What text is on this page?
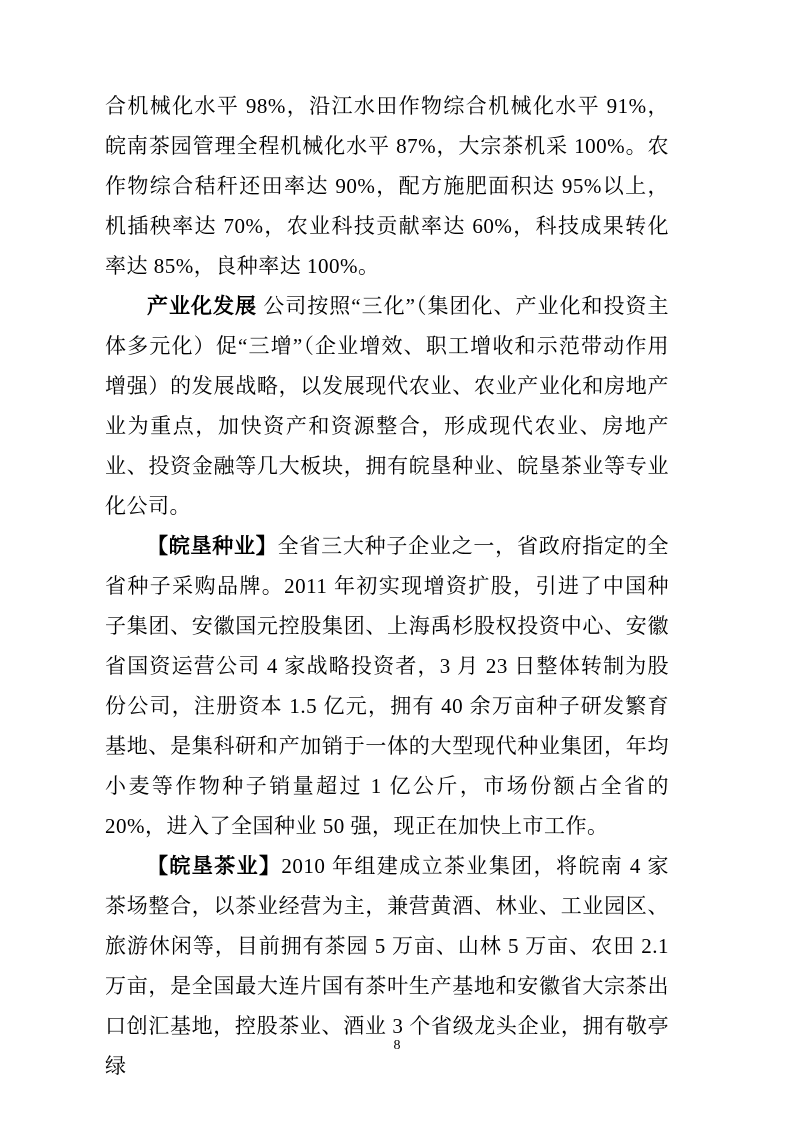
合机械化水平 98%，沿江水田作物综合机械化水平 91%，皖南茶园管理全程机械化水平 87%，大宗茶机采 100%。农作物综合秸秆还田率达 90%，配方施肥面积达 95%以上，机插秧率达 70%，农业科技贡献率达 60%，科技成果转化率达 85%，良种率达 100%。

产业化发展 公司按照“三化”（集团化、产业化和投资主体多元化）促“三增”（企业增效、职工增收和示范带动作用增强）的发展战略，以发展现代农业、农业产业化和房地产业为重点，加快资产和资源整合，形成现代农业、房地产业、投资金融等几大板块，拥有皖垦种业、皖垦茶业等专业化公司。

【皖垦种业】全省三大种子企业之一，省政府指定的全省种子采购品牌。2011 年初实现增资扩股，引进了中国种子集团、安徽国元控股集团、上海禹杉股权投资中心、安徽省国资运营公司 4 家战略投资者，3 月 23 日整体转制为股份公司，注册资本 1.5 亿元，拥有 40 余万亩种子研发繁育基地、是集科研和产加销于一体的大型现代种业集团，年均小麦等作物种子销量超过 1 亿公斤，市场份额占全省的 20%，进入了全国种业 50 强，现正在加快上市工作。

【皖垦茶业】2010 年组建成立茶业集团，将皖南 4 家茶场整合，以茶业经营为主，兼营黄酒、林业、工业园区、旅游休闲等，目前拥有茶园 5 万亩、山林 5 万亩、农田 2.1 万亩，是全国最大连片国有茶叶生产基地和安徽省大宗茶出口创汇基地，控股茶业、酒业 3 个省级龙头企业，拥有敬亭绿

8
